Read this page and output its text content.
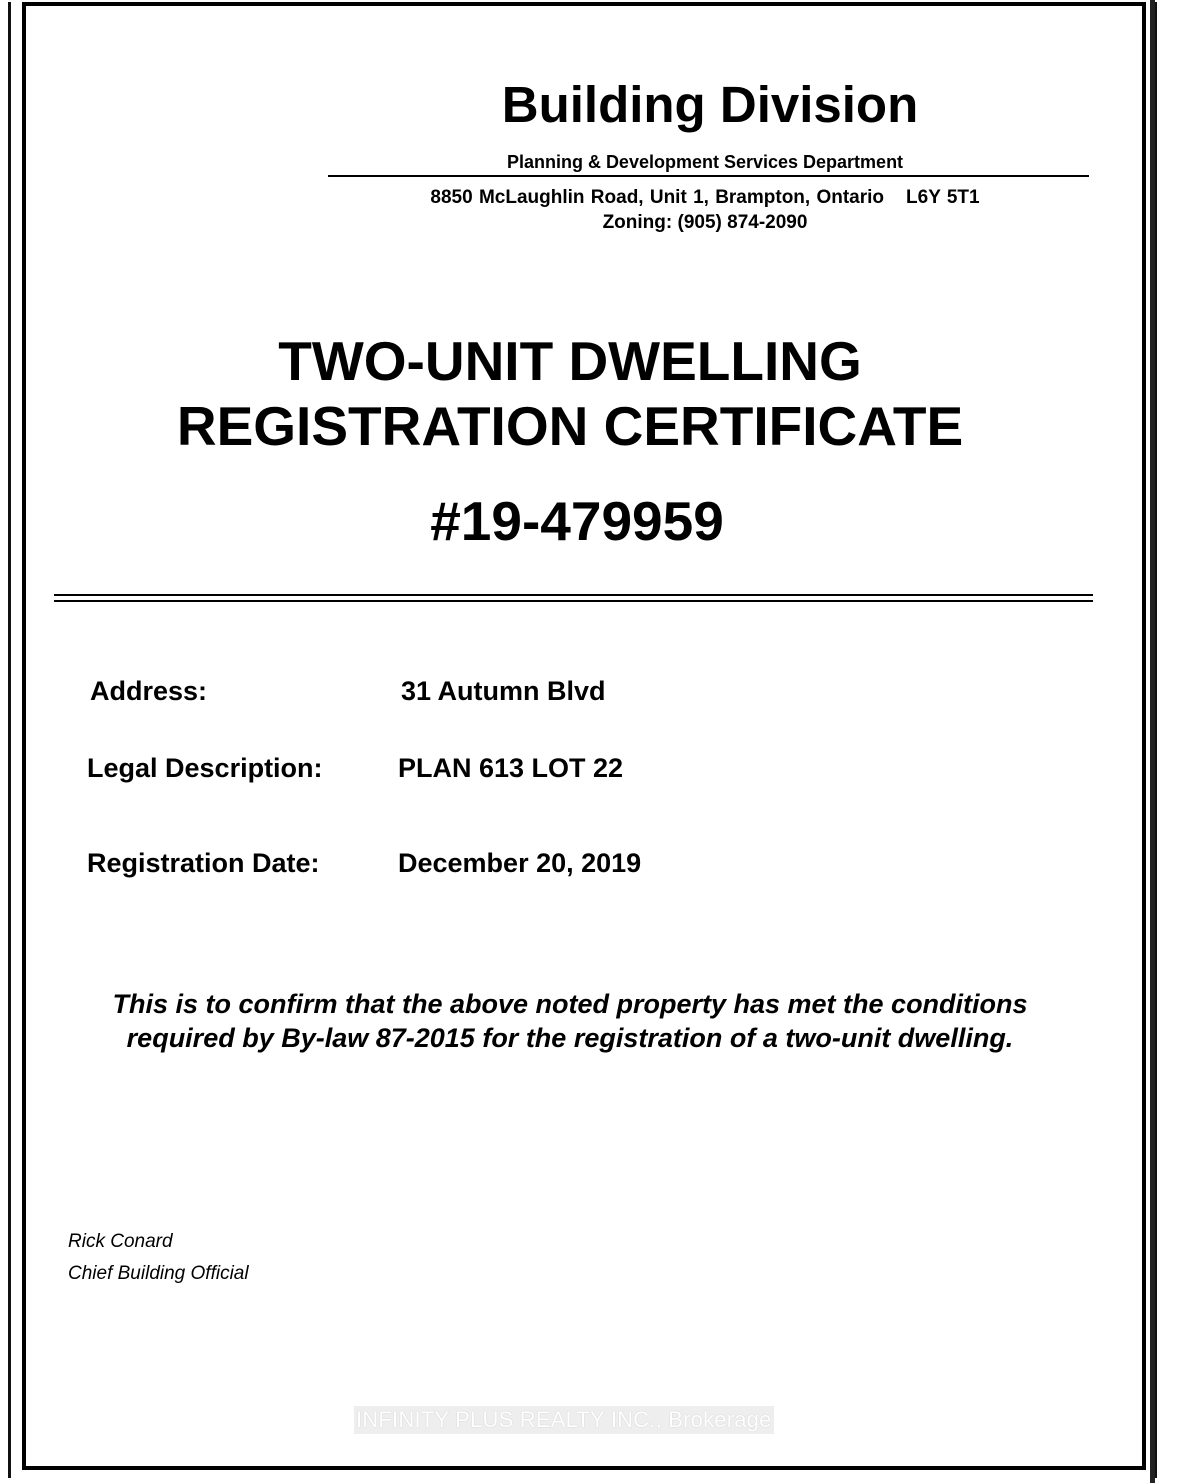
Building Division
Planning & Development Services Department
8850 McLaughlin Road, Unit 1, Brampton, Ontario L6Y 5T1
Zoning: (905) 874-2090
TWO-UNIT DWELLING
REGISTRATION CERTIFICATE
#19-479959
Address:	31 Autumn Blvd
Legal Description:	PLAN 613 LOT 22
Registration Date:	December 20, 2019
This is to confirm that the above noted property has met the conditions
required by By-law 87-2015 for the registration of a two-unit dwelling.
Rick Conard
Chief Building Official
INFINITY PLUS REALTY INC., Brokerage
